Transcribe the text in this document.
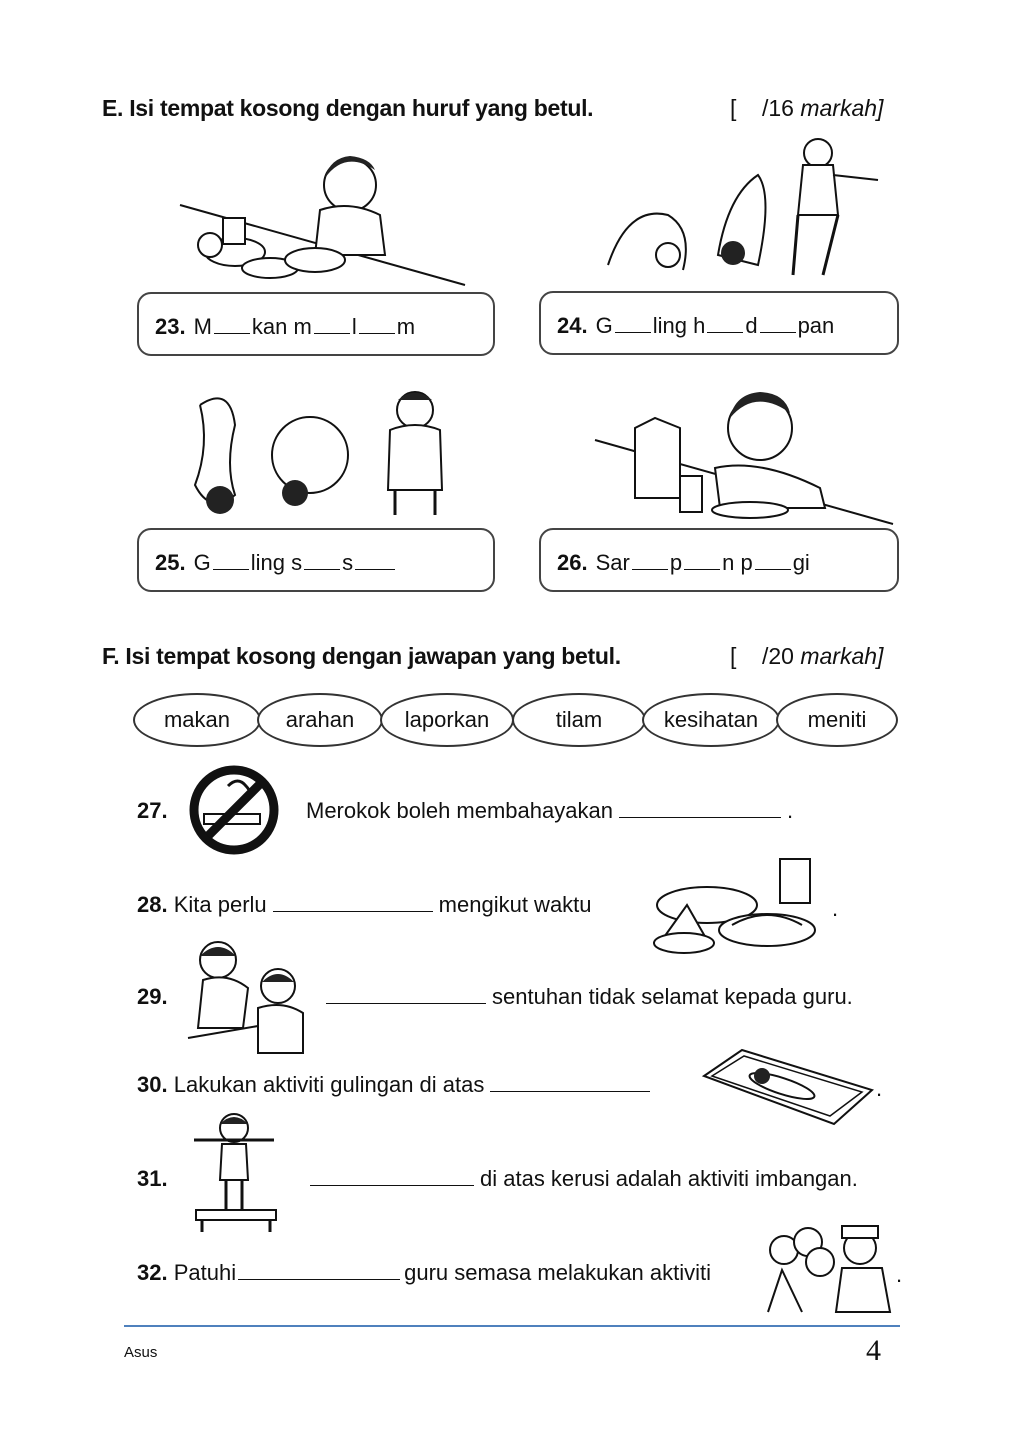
E. Isi tempat kosong dengan huruf yang betul.	[ /16 markah]
23. M kan m l m	24. G ling h d pan
25. G ling s s	26. Sar p n p gi
F. Isi tempat kosong dengan jawapan yang betul.	[ /20 markah]
makan	arahan	laporkan	tilam	kesihatan	meniti
27.	Merokok boleh membahayakan	.
28. Kita perlu	mengikut waktu	.
29.	sentuhan tidak selamat kepada guru.
30. Lakukan aktiviti gulingan di atas	.
31.	di atas kerusi adalah aktiviti imbangan.
32. Patuhi	guru semasa melakukan aktiviti	.
Asus	4
